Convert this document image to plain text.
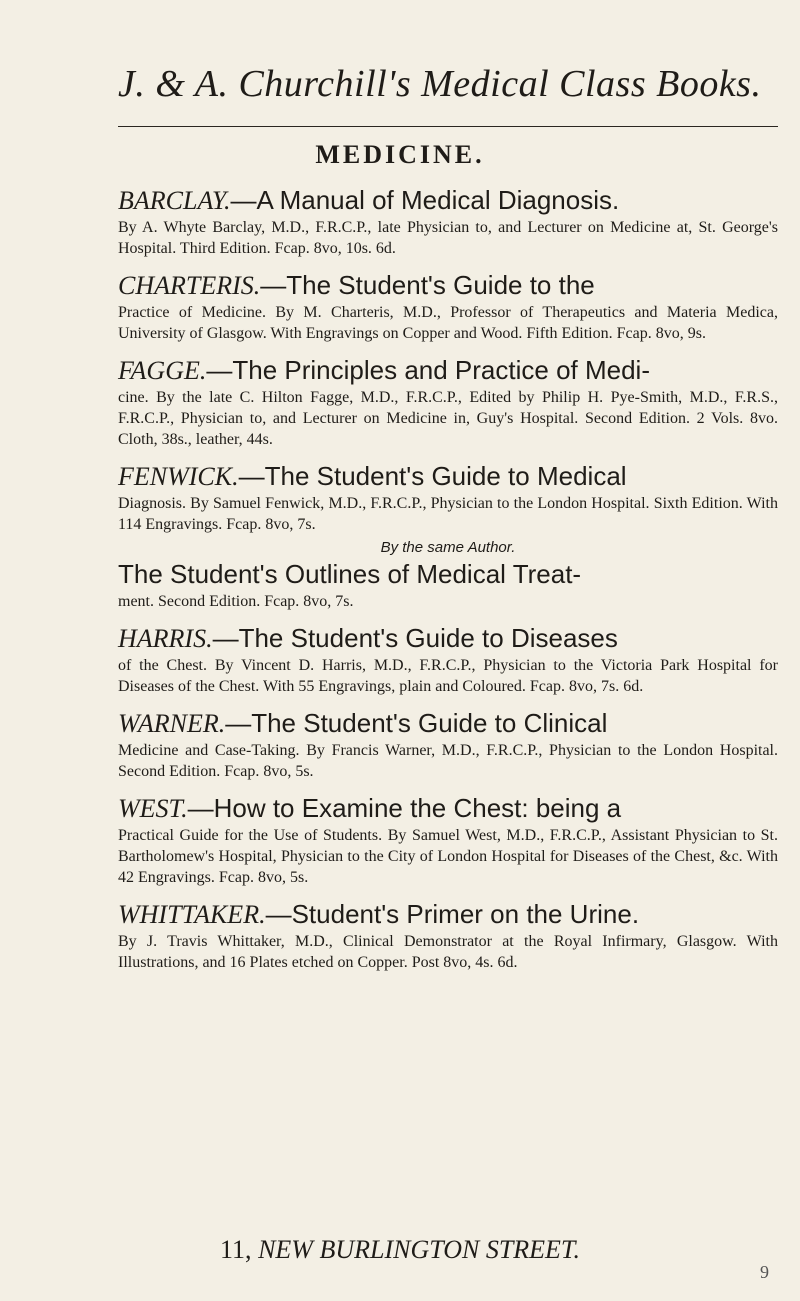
J. & A. Churchill's Medical Class Books.
MEDICINE.
BARCLAY.—A Manual of Medical Diagnosis.
By A. Whyte Barclay, M.D., F.R.C.P., late Physician to, and Lecturer on Medicine at, St. George's Hospital. Third Edition. Fcap. 8vo, 10s. 6d.
CHARTERIS.—The Student's Guide to the
Practice of Medicine. By M. Charteris, M.D., Professor of Therapeutics and Materia Medica, University of Glasgow. With Engravings on Copper and Wood. Fifth Edition. Fcap. 8vo, 9s.
FAGGE.—The Principles and Practice of Medi-
cine. By the late C. Hilton Fagge, M.D., F.R.C.P., Edited by Philip H. Pye-Smith, M.D., F.R.S., F.R.C.P., Physician to, and Lecturer on Medicine in, Guy's Hospital. Second Edition. 2 Vols. 8vo. Cloth, 38s., leather, 44s.
FENWICK.—The Student's Guide to Medical
Diagnosis. By Samuel Fenwick, M.D., F.R.C.P., Physician to the London Hospital. Sixth Edition. With 114 Engravings. Fcap. 8vo, 7s.
By the same Author.
The Student's Outlines of Medical Treat-
ment. Second Edition. Fcap. 8vo, 7s.
HARRIS.—The Student's Guide to Diseases
of the Chest. By Vincent D. Harris, M.D., F.R.C.P., Physician to the Victoria Park Hospital for Diseases of the Chest. With 55 Engravings, plain and Coloured. Fcap. 8vo, 7s. 6d.
WARNER.—The Student's Guide to Clinical
Medicine and Case-Taking. By Francis Warner, M.D., F.R.C.P., Physician to the London Hospital. Second Edition. Fcap. 8vo, 5s.
WEST.—How to Examine the Chest: being a
Practical Guide for the Use of Students. By Samuel West, M.D., F.R.C.P., Assistant Physician to St. Bartholomew's Hospital, Physician to the City of London Hospital for Diseases of the Chest, &c. With 42 Engravings. Fcap. 8vo, 5s.
WHITTAKER.—Student's Primer on the Urine.
By J. Travis Whittaker, M.D., Clinical Demonstrator at the Royal Infirmary, Glasgow. With Illustrations, and 16 Plates etched on Copper. Post 8vo, 4s. 6d.
11, NEW BURLINGTON STREET.
9
